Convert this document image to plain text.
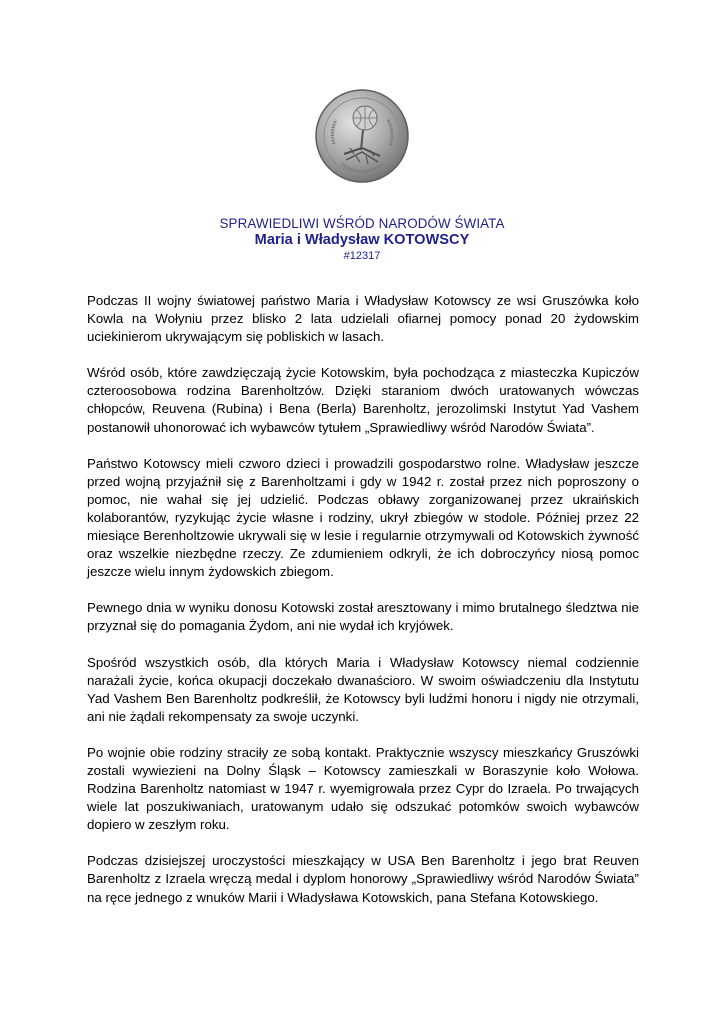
SPRAWIEDLIWI WŚRÓD NARODÓW ŚWIATA
Maria i Władysław KOTOWSCY
#12317

Podczas II wojny światowej państwo Maria i Władysław Kotowscy ze wsi Gruszówka koło Kowla na Wołyniu przez blisko 2 lata udzielali ofiarnej pomocy ponad 20 żydowskim uciekinierom ukrywającym się pobliskich w lasach.

Wśród osób, które zawdzięczają życie Kotowskim, była pochodząca z miasteczka Kupiczów czteroosobowa rodzina Barenholtzów. Dzięki staraniom dwóch uratowanych wówczas chłopców, Reuvena (Rubina) i Bena (Berla) Barenholtz, jerozolimski Instytut Yad Vashem postanowił uhonorować ich wybawców tytułem „Sprawiedliwy wśród Narodów Świata”.

Państwo Kotowscy mieli czworo dzieci i prowadzili gospodarstwo rolne. Władysław jeszcze przed wojną przyjaźnił się z Barenholtzami i gdy w 1942 r. został przez nich poproszony o pomoc, nie wahał się jej udzielić. Podczas obławy zorganizowanej przez ukraińskich kolaborantów, ryzykując życie własne i rodziny, ukrył zbiegów w stodole. Później przez 22 miesiące Berenholtzowie ukrywali się w lesie i regularnie otrzymywali od Kotowskich żywność oraz wszelkie niezbędne rzeczy. Ze zdumieniem odkryli, że ich dobroczyńcy niosą pomoc jeszcze wielu innym żydowskich zbiegom.

Pewnego dnia w wyniku donosu Kotowski został aresztowany i mimo brutalnego śledztwa nie przyznał się do pomagania Żydom, ani nie wydał ich kryjówek.

Spośród wszystkich osób, dla których Maria i Władysław Kotowscy niemal codziennie narażali życie, końca okupacji doczekało dwanaścioro. W swoim oświadczeniu dla Instytutu Yad Vashem Ben Barenholtz podkreślił, że Kotowscy byli ludźmi honoru i nigdy nie otrzymali, ani nie żądali rekompensaty za swoje uczynki.

Po wojnie obie rodziny straciły ze sobą kontakt. Praktycznie wszyscy mieszkańcy Gruszówki zostali wywiezieni na Dolny Śląsk – Kotowscy zamieszkali w Boraszynie koło Wołowa. Rodzina Barenholtz natomiast w 1947 r. wyemigrowała przez Cypr do Izraela. Po trwających wiele lat poszukiwaniach, uratowanym udało się odszukać potomków swoich wybawców dopiero w zeszłym roku.

Podczas dzisiejszej uroczystości mieszkający w USA Ben Barenholtz i jego brat Reuven Barenholtz z Izraela wręczą medal i dyplom honorowy „Sprawiedliwy wśród Narodów Świata” na ręce jednego z wnuków Marii i Władysława Kotowskich, pana Stefana Kotowskiego.
